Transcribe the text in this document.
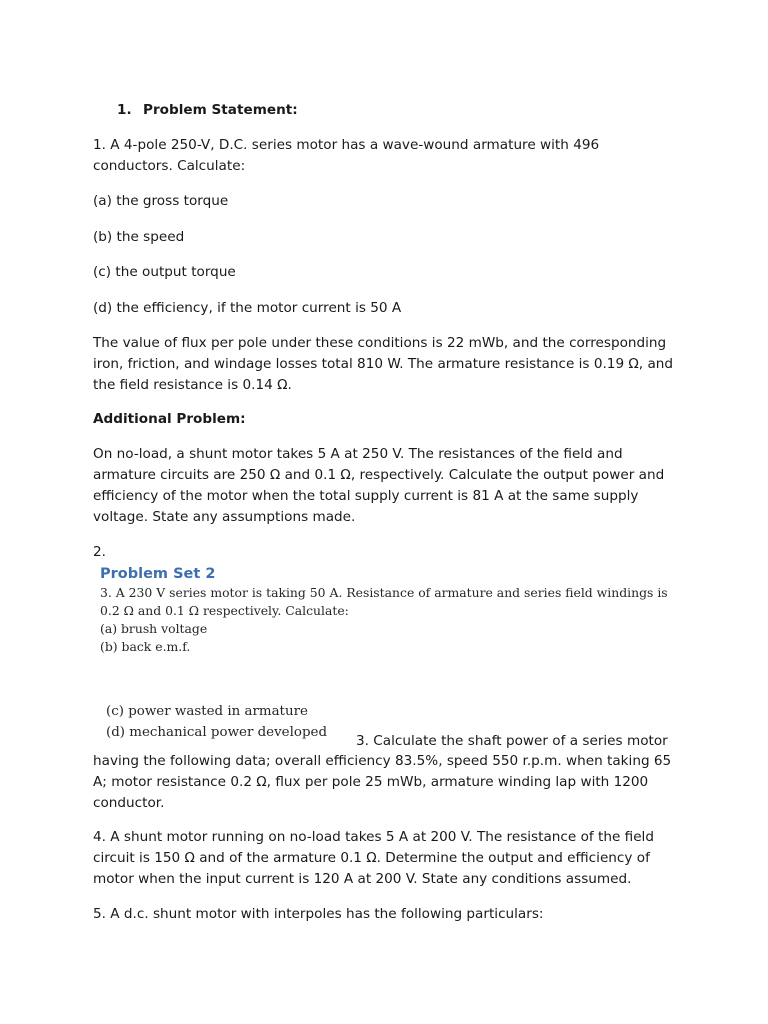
1. Problem Statement:

1. A 4-pole 250-V, D.C. series motor has a wave-wound armature with 496 conductors. Calculate:

(a) the gross torque

(b) the speed

(c) the output torque

(d) the efficiency, if the motor current is 50 A

The value of flux per pole under these conditions is 22 mWb, and the corresponding iron, friction, and windage losses total 810 W. The armature resistance is 0.19 Ω, and the field resistance is 0.14 Ω.

Additional Problem:

On no-load, a shunt motor takes 5 A at 250 V. The resistances of the field and armature circuits are 250 Ω and 0.1 Ω, respectively. Calculate the output power and efficiency of the motor when the total supply current is 81 A at the same supply voltage. State any assumptions made.

2.

Problem Set 2
3. A 230 V series motor is taking 50 A. Resistance of armature and series field windings is
0.2 Ω and 0.1 Ω respectively. Calculate:
(a) brush voltage
(b) back e.m.f.
(c) power wasted in armature
(d) mechanical power developed
3. Calculate the shaft power of a series motor

having the following data; overall efficiency 83.5%, speed 550 r.p.m. when taking 65 A; motor resistance 0.2 Ω, flux per pole 25 mWb, armature winding lap with 1200 conductor.

4. A shunt motor running on no-load takes 5 A at 200 V. The resistance of the field circuit is 150 Ω and of the armature 0.1 Ω. Determine the output and efficiency of motor when the input current is 120 A at 200 V. State any conditions assumed.

5. A d.c. shunt motor with interpoles has the following particulars:
